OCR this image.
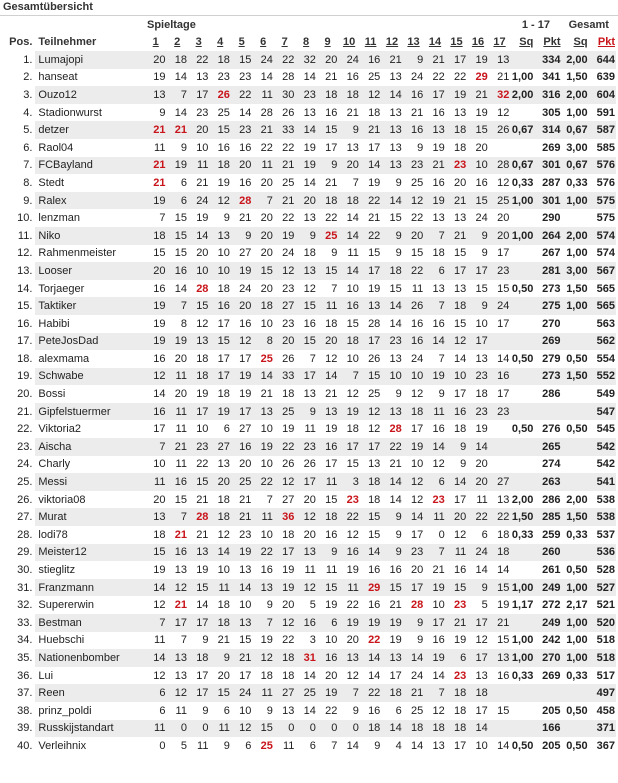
Gesamtübersicht
		Spieltage																	1 - 17		Gesamt	
Pos.	Teilnehmer	1	2	3	4	5	6	7	8	9	10	11	12	13	14	15	16	17	Sq	Pkt	Sq	Pkt
1.	Lumajopi	20	18	22	18	15	24	22	32	20	24	16	21	9	21	17	19	13		334	2,00	644
2.	hanseat	19	14	13	23	23	14	28	14	21	16	25	13	24	22	22	29	21	1,00	341	1,50	639
3.	Ouzo12	13	7	17	26	22	11	30	23	18	18	12	14	16	17	19	21	32	2,00	316	2,00	604
4.	Stadionwurst	9	14	23	25	14	28	26	13	16	21	18	13	21	16	13	19	12		305	1,00	591
5.	detzer	21	21	20	15	23	21	33	14	15	9	21	13	16	13	18	15	26	0,67	314	0,67	587
6.	Raol04	11	9	10	16	16	22	22	19	17	13	17	13	9	19	18	20			269	3,00	585
7.	FCBayland	21	19	11	18	20	11	21	19	9	20	14	13	23	21	23	10	28	0,67	301	0,67	576
8.	Stedt	21	6	21	19	16	20	25	14	21	7	19	9	25	16	20	16	12	0,33	287	0,33	576
9.	Ralex	19	6	24	12	28	7	21	20	18	18	22	14	12	19	21	15	25	1,00	301	1,00	575
10.	lenzman	7	15	19	9	21	20	22	13	22	14	21	15	22	13	13	24	20		290		575
11.	Niko	18	15	14	13	9	20	19	9	25	14	22	9	20	7	21	9	20	1,00	264	2,00	574
12.	Rahmenmeister	15	15	20	10	27	20	24	18	9	11	15	9	15	18	15	9	17		267	1,00	574
13.	Looser	20	16	10	10	19	15	12	13	15	14	17	18	22	6	17	17	23		281	3,00	567
14.	Torjaeger	16	14	28	18	24	20	23	12	7	10	19	15	11	13	13	15	15	0,50	273	1,50	565
15.	Taktiker	19	7	15	16	20	18	27	15	11	16	13	14	26	7	18	9	24		275	1,00	565
16.	Habibi	19	8	12	17	16	10	23	16	18	15	28	14	16	16	15	10	17		270		563
17.	PeteJosDad	19	19	13	15	12	8	20	15	20	18	17	23	16	14	12	17			269		562
18.	alexmama	16	20	18	17	17	25	26	7	12	10	26	13	24	7	14	13	14	0,50	279	0,50	554
19.	Schwabe	12	11	18	17	19	14	33	17	14	7	15	10	10	19	10	23	16		273	1,50	552
20.	Bossi	14	20	19	18	19	21	18	13	21	12	25	9	12	9	17	18	17		286		549
21.	Gipfelstuermer	16	11	17	19	17	13	25	9	13	19	12	13	18	11	16	23	23				547
22.	Viktoria2	17	11	10	6	27	10	19	11	19	18	12	28	17	16	18	19		0,50	276	0,50	545
23.	Aischa	7	21	23	27	16	19	22	23	16	17	17	22	19	14	9	14			265		542
24.	Charly	10	11	22	13	20	10	26	26	17	15	13	21	10	12	9	20			274		542
25.	Messi	11	16	15	20	25	22	12	17	11	3	18	14	12	6	14	20	27		263		541
26.	viktoria08	20	15	21	18	21	7	27	20	15	23	18	14	12	23	17	11	13	2,00	286	2,00	538
27.	Murat	13	7	28	18	21	11	36	12	18	22	15	9	14	11	20	22	22	1,50	285	1,50	538
28.	lodi78	18	21	21	12	23	10	18	20	16	12	15	9	17	0	12	6	18	0,33	259	0,33	537
29.	Meister12	15	16	13	14	19	22	17	13	9	16	14	9	23	7	11	24	18		260		536
30.	stieglitz	19	13	19	10	13	16	19	11	11	19	16	16	20	21	16	14	14		261	0,50	528
31.	Franzmann	14	12	15	11	14	13	19	12	15	11	29	15	17	19	15	9	15	1,00	249	1,00	527
32.	Supererwin	12	21	14	18	10	9	20	5	19	22	16	21	28	10	23	5	19	1,17	272	2,17	521
33.	Bestman	7	17	17	18	13	7	12	16	6	19	19	19	9	17	21	17	21		249	1,00	520
34.	Huebschi	11	7	9	21	15	19	22	3	10	20	22	19	9	16	19	12	15	1,00	242	1,00	518
35.	Nationenbomber	14	13	18	9	21	12	18	31	16	13	14	13	14	19	6	17	13	1,00	270	1,00	518
36.	Lui	12	13	17	20	17	18	18	14	20	12	14	17	24	14	23	13	16	0,33	269	0,33	517
37.	Reen	6	12	17	15	24	11	27	25	19	7	22	18	21	7	18	18					497
38.	prinz_poldi	6	11	9	6	10	9	13	14	22	9	16	6	25	12	18	17	15		205	0,50	458
39.	Russkijstandart	11	0	0	11	12	15	0	0	0	0	18	14	18	18	18	14			166		371
40.	Verleihnix	0	5	11	9	6	25	11	6	7	14	9	4	14	13	17	10	14	0,50	205	0,50	367
